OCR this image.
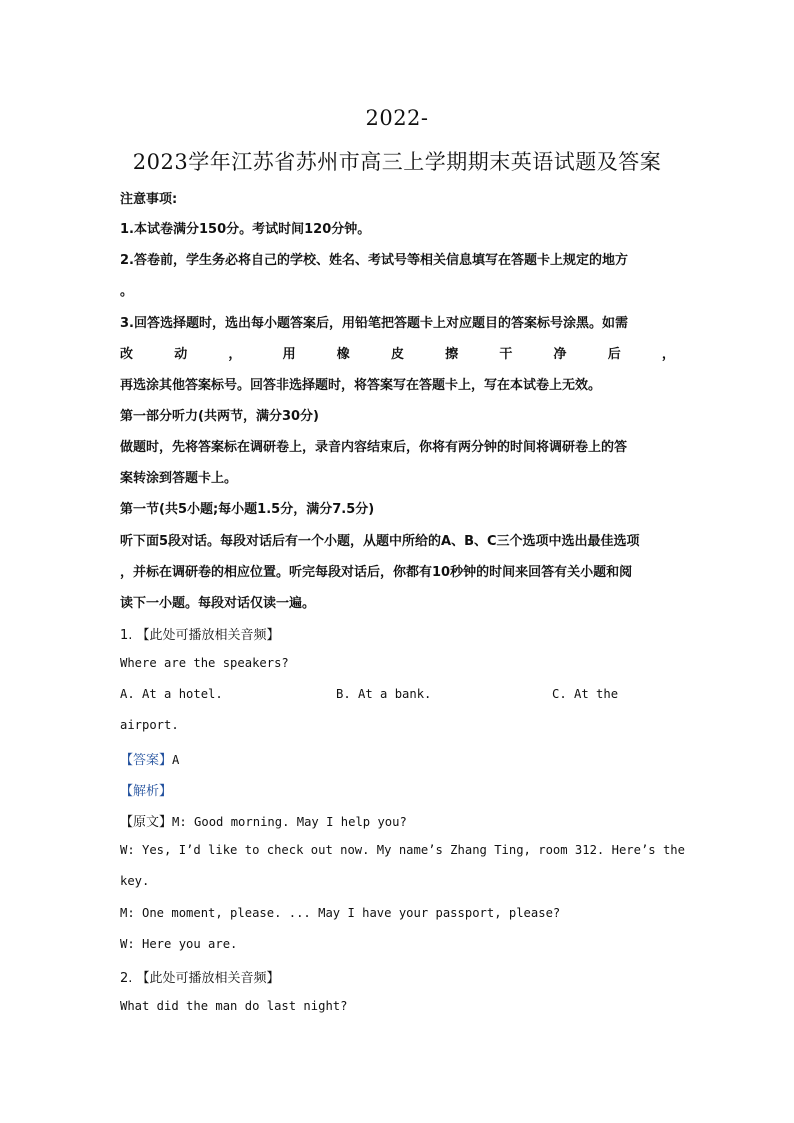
2022-
2023学年江苏省苏州市高三上学期期末英语试题及答案
注意事项:
1.本试卷满分150分。考试时间120分钟。
2.答卷前，学生务必将自己的学校、姓名、考试号等相关信息填写在答题卡上规定的地方
。
3.回答选择题时，选出每小题答案后，用铅笔把答题卡上对应题目的答案标号涂黑。如需
改	动	，	用	橡	皮	擦	干	净	后	，
再选涂其他答案标号。回答非选择题时，将答案写在答题卡上，写在本试卷上无效。
第一部分听力(共两节，满分30分)
做题时，先将答案标在调研卷上，录音内容结束后，你将有两分钟的时间将调研卷上的答
案转涂到答题卡上。
第一节(共5小题;每小题1.5分，满分7.5分)
听下面5段对话。每段对话后有一个小题，从题中所给的A、B、C三个选项中选出最佳选项
，并标在调研卷的相应位置。听完每段对话后，你都有10秒钟的时间来回答有关小题和阅
读下一小题。每段对话仅读一遍。
1. 【此处可播放相关音频】
Where are the speakers?
A. At a hotel.	B. At a bank.	C. At the
airport.
【答案】A
【解析】
【原文】M: Good morning. May I help you?
W: Yes, I’d like to check out now. My name’s Zhang Ting, room 312. Here’s the
key.
M: One moment, please. ... May I have your passport, please?
W: Here you are.
2. 【此处可播放相关音频】
What did the man do last night?
